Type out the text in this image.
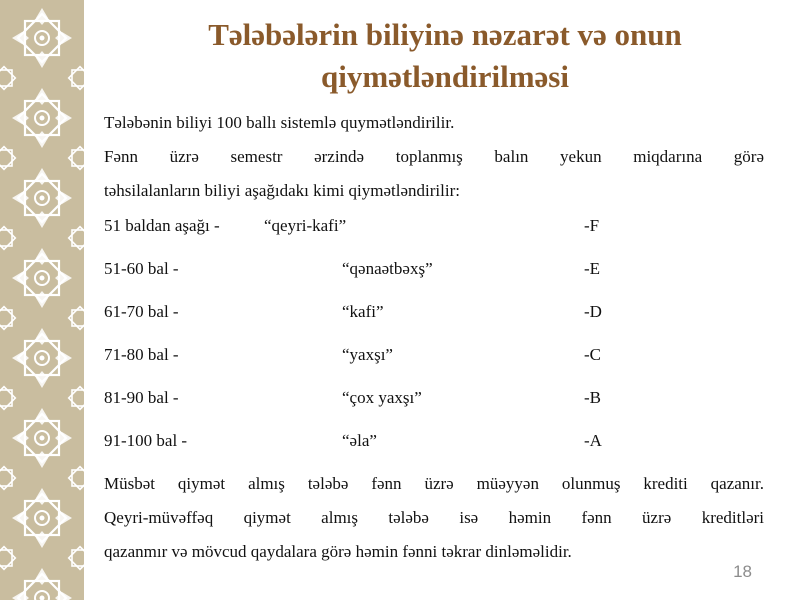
Tələbələrin biliyinə nəzarət və onun
qiymətləndirilməsi

Tələbənin biliyi 100 ballı sistemlə quymətləndirilir.

Fənn üzrə semestr ərzində toplanmış balın yekun miqdarına görə

təhsilalanların biliyi aşağıdakı kimi qiymətləndirilir:

51 baldan aşağı -	“qeyri-kafi”	-F
51-60 bal -	“qənaətbəxş”	-E
61-70 bal -	“kafi”	-D
71-80 bal -	“yaxşı”	-C
81-90 bal -	“çox yaxşı”	-B
91-100 bal -	“əla”	-A

Müsbət qiymət almış tələbə fənn üzrə müəyyən olunmuş krediti qazanır.

Qeyri-müvəffəq qiymət almış tələbə isə həmin fənn üzrə kreditləri

qazanmır və mövcud qaydalara görə həmin fənni təkrar dinləməlidir.

18
